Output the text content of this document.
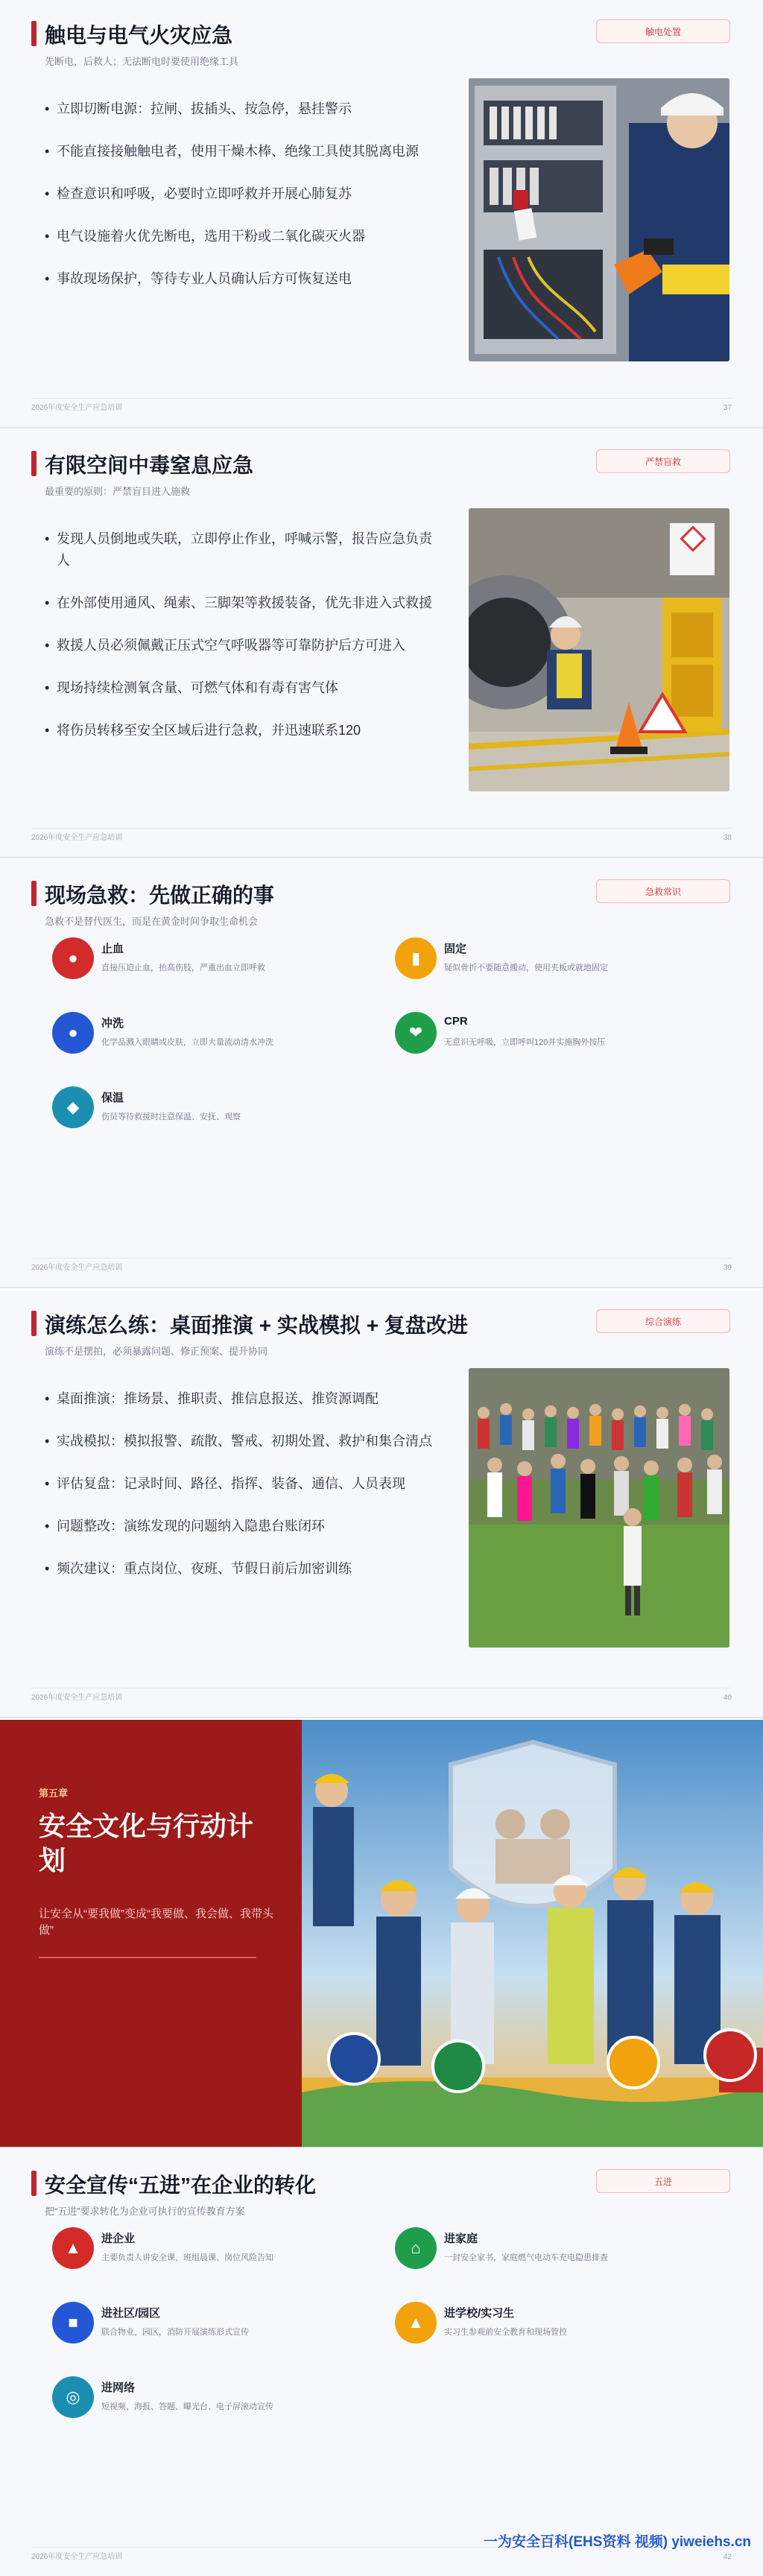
触电与电气火灾应急
先断电，后救人；无法断电时要使用绝缘工具
触电处置
• 立即切断电源：拉闸、拔插头、按急停，悬挂警示
• 不能直接接触触电者，使用干燥木棒、绝缘工具使其脱离电源
• 检查意识和呼吸，必要时立即呼救并开展心肺复苏
• 电气设施着火优先断电，选用干粉或二氧化碳灭火器
• 事故现场保护，等待专业人员确认后方可恢复送电
2026年度安全生产应急培训	37
有限空间中毒窒息应急
最重要的原则：严禁盲目进入施救
严禁盲救
• 发现人员倒地或失联，立即停止作业，呼喊示警，报告应急负责人
• 在外部使用通风、绳索、三脚架等救援装备，优先非进入式救援
• 救援人员必须佩戴正压式空气呼吸器等可靠防护后方可进入
• 现场持续检测氧含量、可燃气体和有毒有害气体
• 将伤员转移至安全区域后进行急救，并迅速联系120
2026年度安全生产应急培训	38
现场急救：先做正确的事
急救不是替代医生，而是在黄金时间争取生命机会
急救常识
●	止血
直接压迫止血，抬高伤肢，严重出血立即呼救
▮	固定
疑似骨折不要随意搬动，使用夹板或就地固定
●	冲洗
化学品溅入眼睛或皮肤，立即大量流动清水冲洗
❤
CPR
无意识无呼吸，立即呼叫120并实施胸外按压
◆	保温
伤员等待救援时注意保温、安抚、观察
2026年度安全生产应急培训	39
演练怎么练：桌面推演 + 实战模拟 + 复盘改进
演练不是摆拍，必须暴露问题、修正预案、提升协同
综合演练
• 桌面推演：推场景、推职责、推信息报送、推资源调配
• 实战模拟：模拟报警、疏散、警戒、初期处置、救护和集合清点
• 评估复盘：记录时间、路径、指挥、装备、通信、人员表现
• 问题整改：演练发现的问题纳入隐患台账闭环
• 频次建议：重点岗位、夜班、节假日前后加密训练
2026年度安全生产应急培训	40
第五章
安全文化与行动计划
让安全从“要我做”变成“我要做、我会做、我带头做”
安全宣传“五进”在企业的转化
把“五进”要求转化为企业可执行的宣传教育方案
五进
▲	进企业
主要负责人讲安全课、班组晨课、岗位风险告知
⌂	进家庭
一封安全家书，家庭燃气电动车充电隐患排查
■	进社区/园区
联合物业、园区，消防开展演练形式宣传
▲	进学校/实习生
实习生参观前安全教育和现场管控
◎	进网络
短视频、海报、答题、曝光台、电子屏滚动宣传
2026年度安全生产应急培训	42
一为安全百科(EHS资料 视频) yiweiehs.cn
